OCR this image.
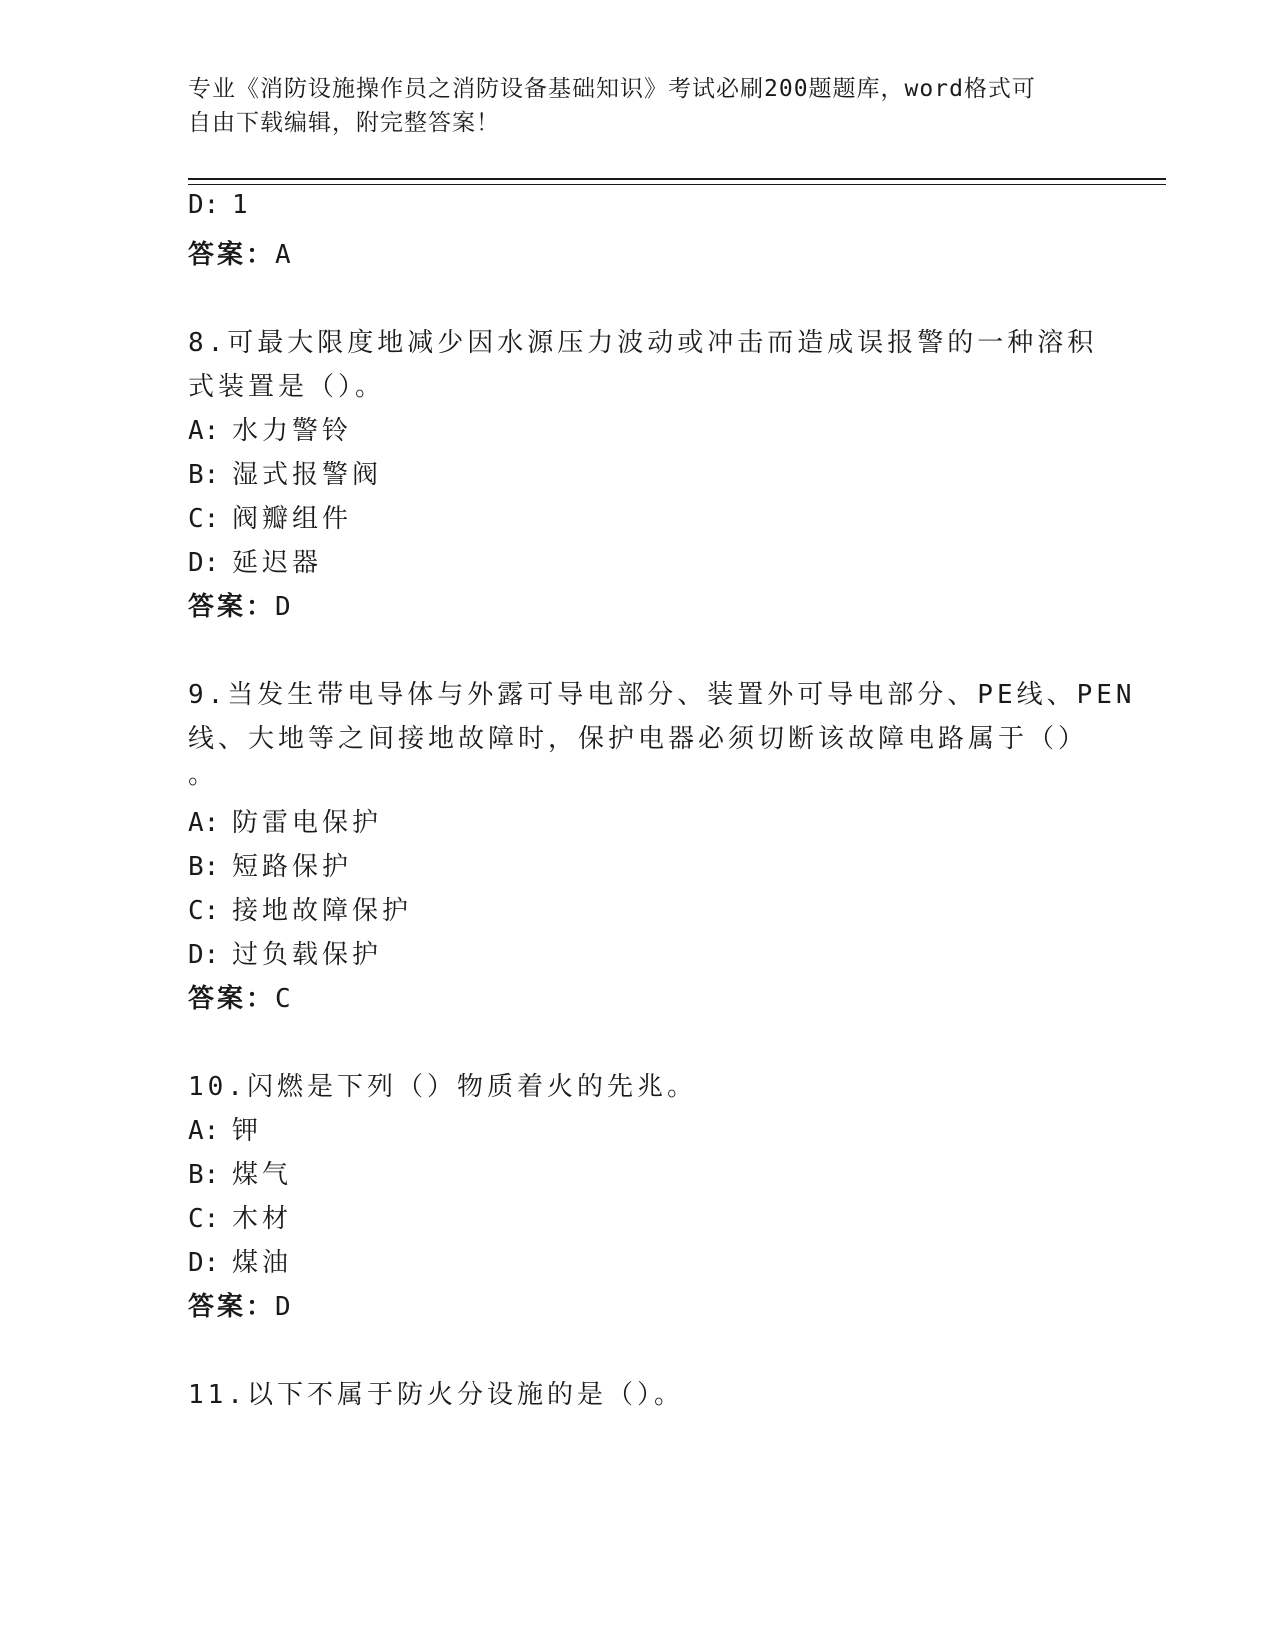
专业《消防设施操作员之消防设备基础知识》考试必刷200题题库，word格式可
自由下载编辑，附完整答案！
D: 1
答案：A
8.可最大限度地减少因水源压力波动或冲击而造成误报警的一种溶积
式装置是（）。
A: 水力警铃
B: 湿式报警阀
C: 阀瓣组件
D: 延迟器
答案：D
9.当发生带电导体与外露可导电部分、装置外可导电部分、PE线、PEN
线、大地等之间接地故障时，保护电器必须切断该故障电路属于（）
。
A: 防雷电保护
B: 短路保护
C: 接地故障保护
D: 过负载保护
答案：C
10.闪燃是下列（）物质着火的先兆。
A: 钾
B: 煤气
C: 木材
D: 煤油
答案：D
11.以下不属于防火分设施的是（）。
